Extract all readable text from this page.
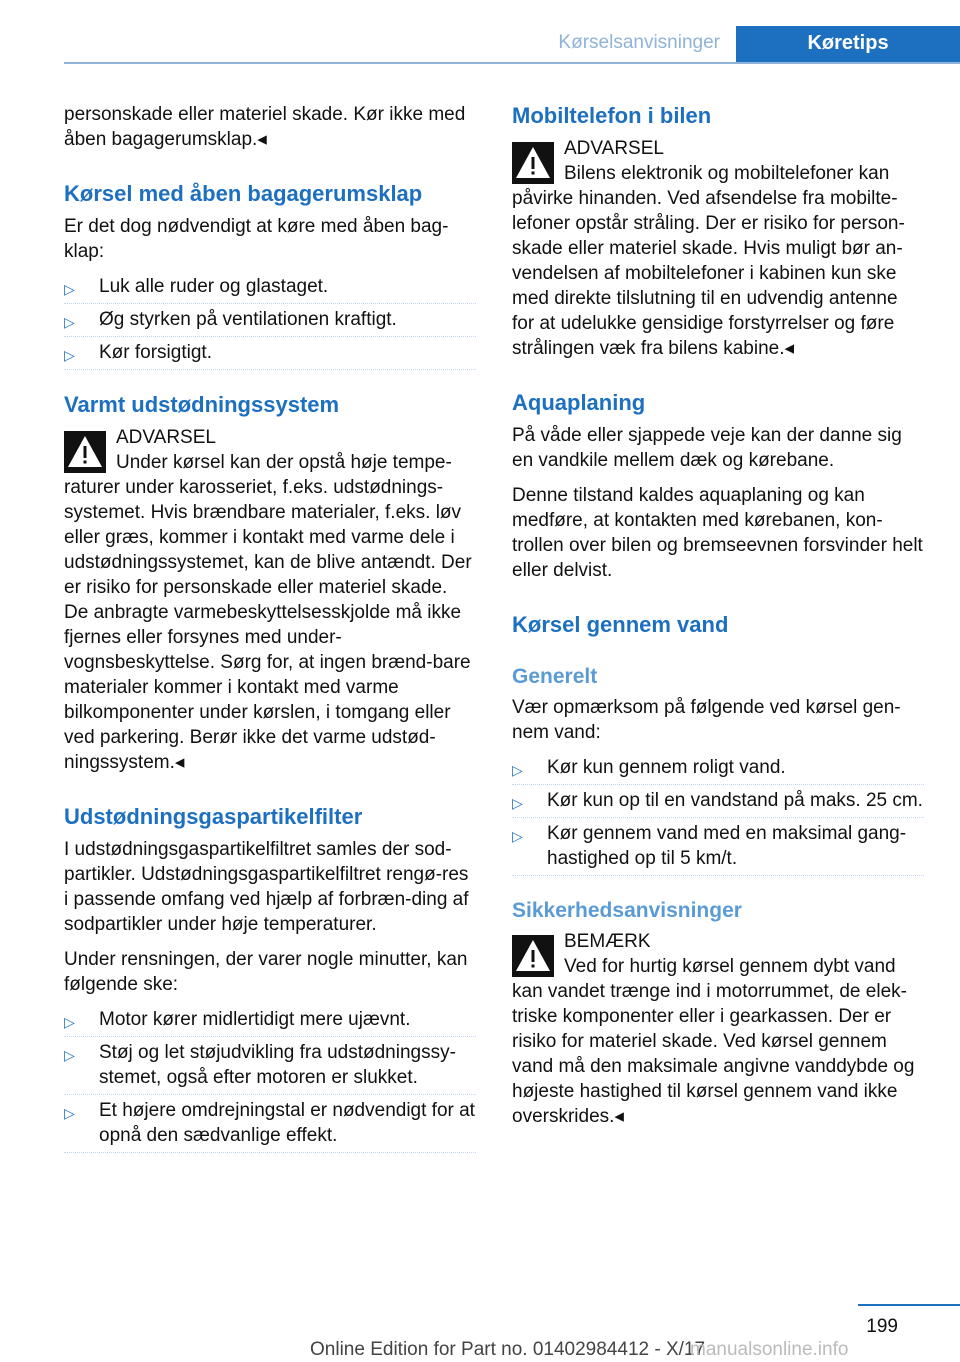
Kørselsanvisninger	Køretips

personskade eller materiel skade. Kør ikke med åben bagagerumsklap.◂

Kørsel med åben bagagerumsklap

Er det dog nødvendigt at køre med åben bag‐klap:

▷ Luk alle ruder og glastaget.
▷ Øg styrken på ventilationen kraftigt.
▷ Kør forsigtigt.
Varmt udstødningssystem
ADVARSEL
Under kørsel kan der opstå høje tempe‐raturer under karosseriet, f.eks. udstødnings‐systemet. Hvis brændbare materialer, f.eks. løv eller græs, kommer i kontakt med varme dele i udstødningssystemet, kan de blive antændt. Der er risiko for personskade eller materiel skade. De anbragte varmebeskyttelsesskjolde må ikke fjernes eller forsynes med under‐vognsbeskyttelse. Sørg for, at ingen brænd‐bare materialer kommer i kontakt med varme bilkomponenter under kørslen, i tomgang eller ved parkering. Berør ikke det varme udstød‐ningssystem.◂
Udstødningsgaspartikelfilter

I udstødningsgaspartikelfiltret samles der sod‐partikler. Udstødningsgaspartikelfiltret rengø‐res i passende omfang ved hjælp af forbræn‐ding af sodpartikler under høje temperaturer.

Under rensningen, der varer nogle minutter, kan følgende ske:

▷ Motor kører midlertidigt mere ujævnt.
▷ Støj og let støjudvikling fra udstødningssy‐stemet, også efter motoren er slukket.
▷ Et højere omdrejningstal er nødvendigt for at opnå den sædvanlige effekt.
Mobiltelefon i bilen
ADVARSEL
Bilens elektronik og mobiltelefoner kan påvirke hinanden. Ved afsendelse fra mobilte‐lefoner opstår stråling. Der er risiko for person‐skade eller materiel skade. Hvis muligt bør an‐vendelsen af mobiltelefoner i kabinen kun ske med direkte tilslutning til en udvendig antenne for at udelukke gensidige forstyrrelser og føre strålingen væk fra bilens kabine.◂
Aquaplaning

På våde eller sjappede veje kan der danne sig en vandkile mellem dæk og kørebane.

Denne tilstand kaldes aquaplaning og kan medføre, at kontakten med kørebanen, kon‐trollen over bilen og bremseevnen forsvinder helt eller delvist.

Kørsel gennem vand
Generelt

Vær opmærksom på følgende ved kørsel gen‐nem vand:

▷ Kør kun gennem roligt vand.
▷ Kør kun op til en vandstand på maks. 25 cm.
▷ Kør gennem vand med en maksimal gang‐hastighed op til 5 km/t.
Sikkerhedsanvisninger
BEMÆRK
Ved for hurtig kørsel gennem dybt vand kan vandet trænge ind i motorrummet, de elek‐triske komponenter eller i gearkassen. Der er risiko for materiel skade. Ved kørsel gennem vand må den maksimale angivne vanddybde og højeste hastighed til kørsel gennem vand ikke overskrides.◂
199
Online Edition for Part no. 01402984412 - X/17
manualsonline.info
